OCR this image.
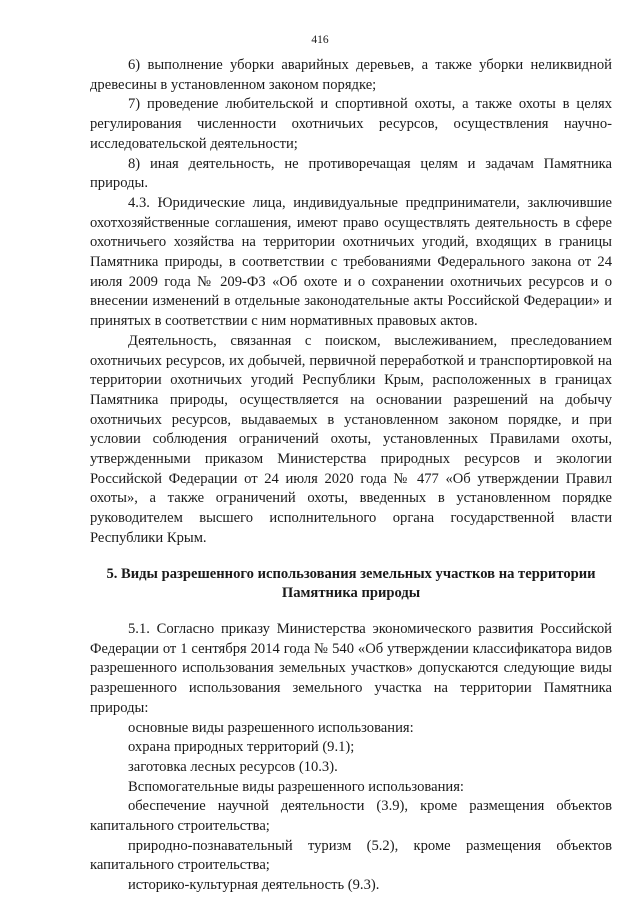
416

6) выполнение уборки аварийных деревьев, а также уборки неликвидной древесины в установленном законом порядке;

7) проведение любительской и спортивной охоты, а также охоты в целях регулирования численности охотничьих ресурсов, осуществления научно-исследовательской деятельности;

8) иная деятельность, не противоречащая целям и задачам Памятника природы.

4.3. Юридические лица, индивидуальные предприниматели, заключившие охотхозяйственные соглашения, имеют право осуществлять деятельность в сфере охотничьего хозяйства на территории охотничьих угодий, входящих в границы Памятника природы, в соответствии с требованиями Федерального закона от 24 июля 2009 года № 209-ФЗ «Об охоте и о сохранении охотничьих ресурсов и о внесении изменений в отдельные законодательные акты Российской Федерации» и принятых в соответствии с ним нормативных правовых актов.

Деятельность, связанная с поиском, выслеживанием, преследованием охотничьих ресурсов, их добычей, первичной переработкой и транспортировкой на территории охотничьих угодий Республики Крым, расположенных в границах Памятника природы, осуществляется на основании разрешений на добычу охотничьих ресурсов, выдаваемых в установленном законом порядке, и при условии соблюдения ограничений охоты, установленных Правилами охоты, утвержденными приказом Министерства природных ресурсов и экологии Российской Федерации от 24 июля 2020 года № 477 «Об утверждении Правил охоты», а также ограничений охоты, введенных в установленном порядке руководителем высшего исполнительного органа государственной власти Республики Крым.

5. Виды разрешенного использования земельных участков на территории Памятника природы

5.1. Согласно приказу Министерства экономического развития Российской Федерации от 1 сентября 2014 года № 540 «Об утверждении классификатора видов разрешенного использования земельных участков» допускаются следующие виды разрешенного использования земельного участка на территории Памятника природы:

основные виды разрешенного использования:

охрана природных территорий (9.1);

заготовка лесных ресурсов (10.3).

Вспомогательные виды разрешенного использования:

обеспечение научной деятельности (3.9), кроме размещения объектов капитального строительства;

природно-познавательный туризм (5.2), кроме размещения объектов капитального строительства;

историко-культурная деятельность (9.3).
